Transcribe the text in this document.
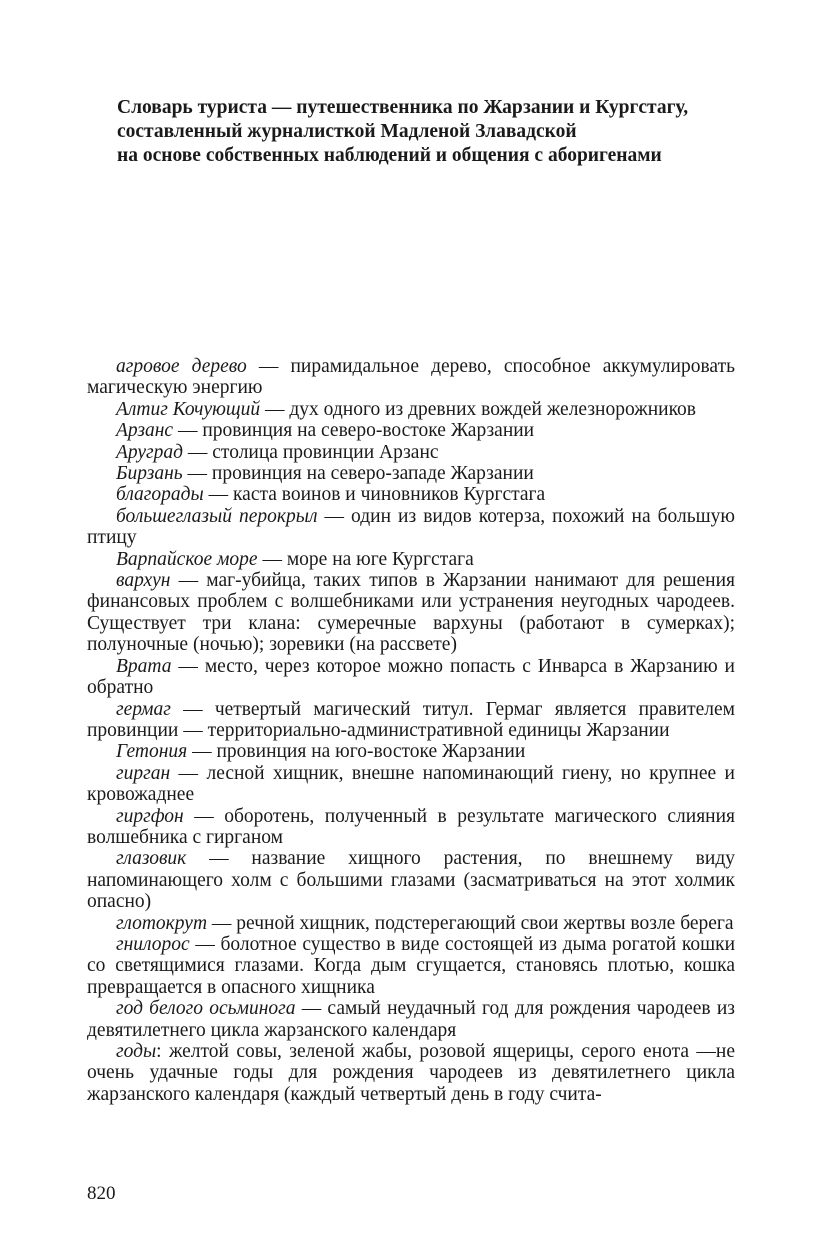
Словарь туриста — путешественника по Жарзании и Кургстагу,
составленный журналисткой Мадленой Злавадской
на основе собственных наблюдений и общения с аборигенами

агровое дерево — пирамидальное дерево, способное аккумулировать магическую энергию

Алтиг Кочующий — дух одного из древних вождей железнорожников

Арзанс — провинция на северо-востоке Жарзании

Аруград — столица провинции Арзанс

Бирзань — провинция на северо-западе Жарзании

благорады — каста воинов и чиновников Кургстага

большеглазый перокрыл — один из видов котерза, похожий на большую птицу

Варпайское море — море на юге Кургстага

вархун — маг-убийца, таких типов в Жарзании нанимают для решения финансовых проблем с волшебниками или устранения неугодных чародеев. Существует три клана: сумеречные вархуны (работают в сумерках); полуночные (ночью); зоревики (на рассвете)

Врата — место, через которое можно попасть с Инварса в Жарзанию и обратно

гермаг — четвертый магический титул. Гермаг является правителем провинции — территориально-административной единицы Жарзании

Гетония — провинция на юго-востоке Жарзании

гирган — лесной хищник, внешне напоминающий гиену, но крупнее и кровожаднее

гиргфон — оборотень, полученный в результате магического слияния волшебника с гирганом

глазовик — название хищного растения, по внешнему виду напоминающего холм с большими глазами (засматриваться на этот холмик опасно)

глотокрут — речной хищник, подстерегающий свои жертвы возле берега

гнилорос — болотное существо в виде состоящей из дыма рогатой кошки со светящимися глазами. Когда дым сгущается, становясь плотью, кошка превращается в опасного хищника

год белого осьминога — самый неудачный год для рождения чародеев из девятилетнего цикла жарзанского календаря

годы: желтой совы, зеленой жабы, розовой ящерицы, серого енота —не очень удачные годы для рождения чародеев из девятилетнего цикла жарзанского календаря (каждый четвертый день в году счита-

820
